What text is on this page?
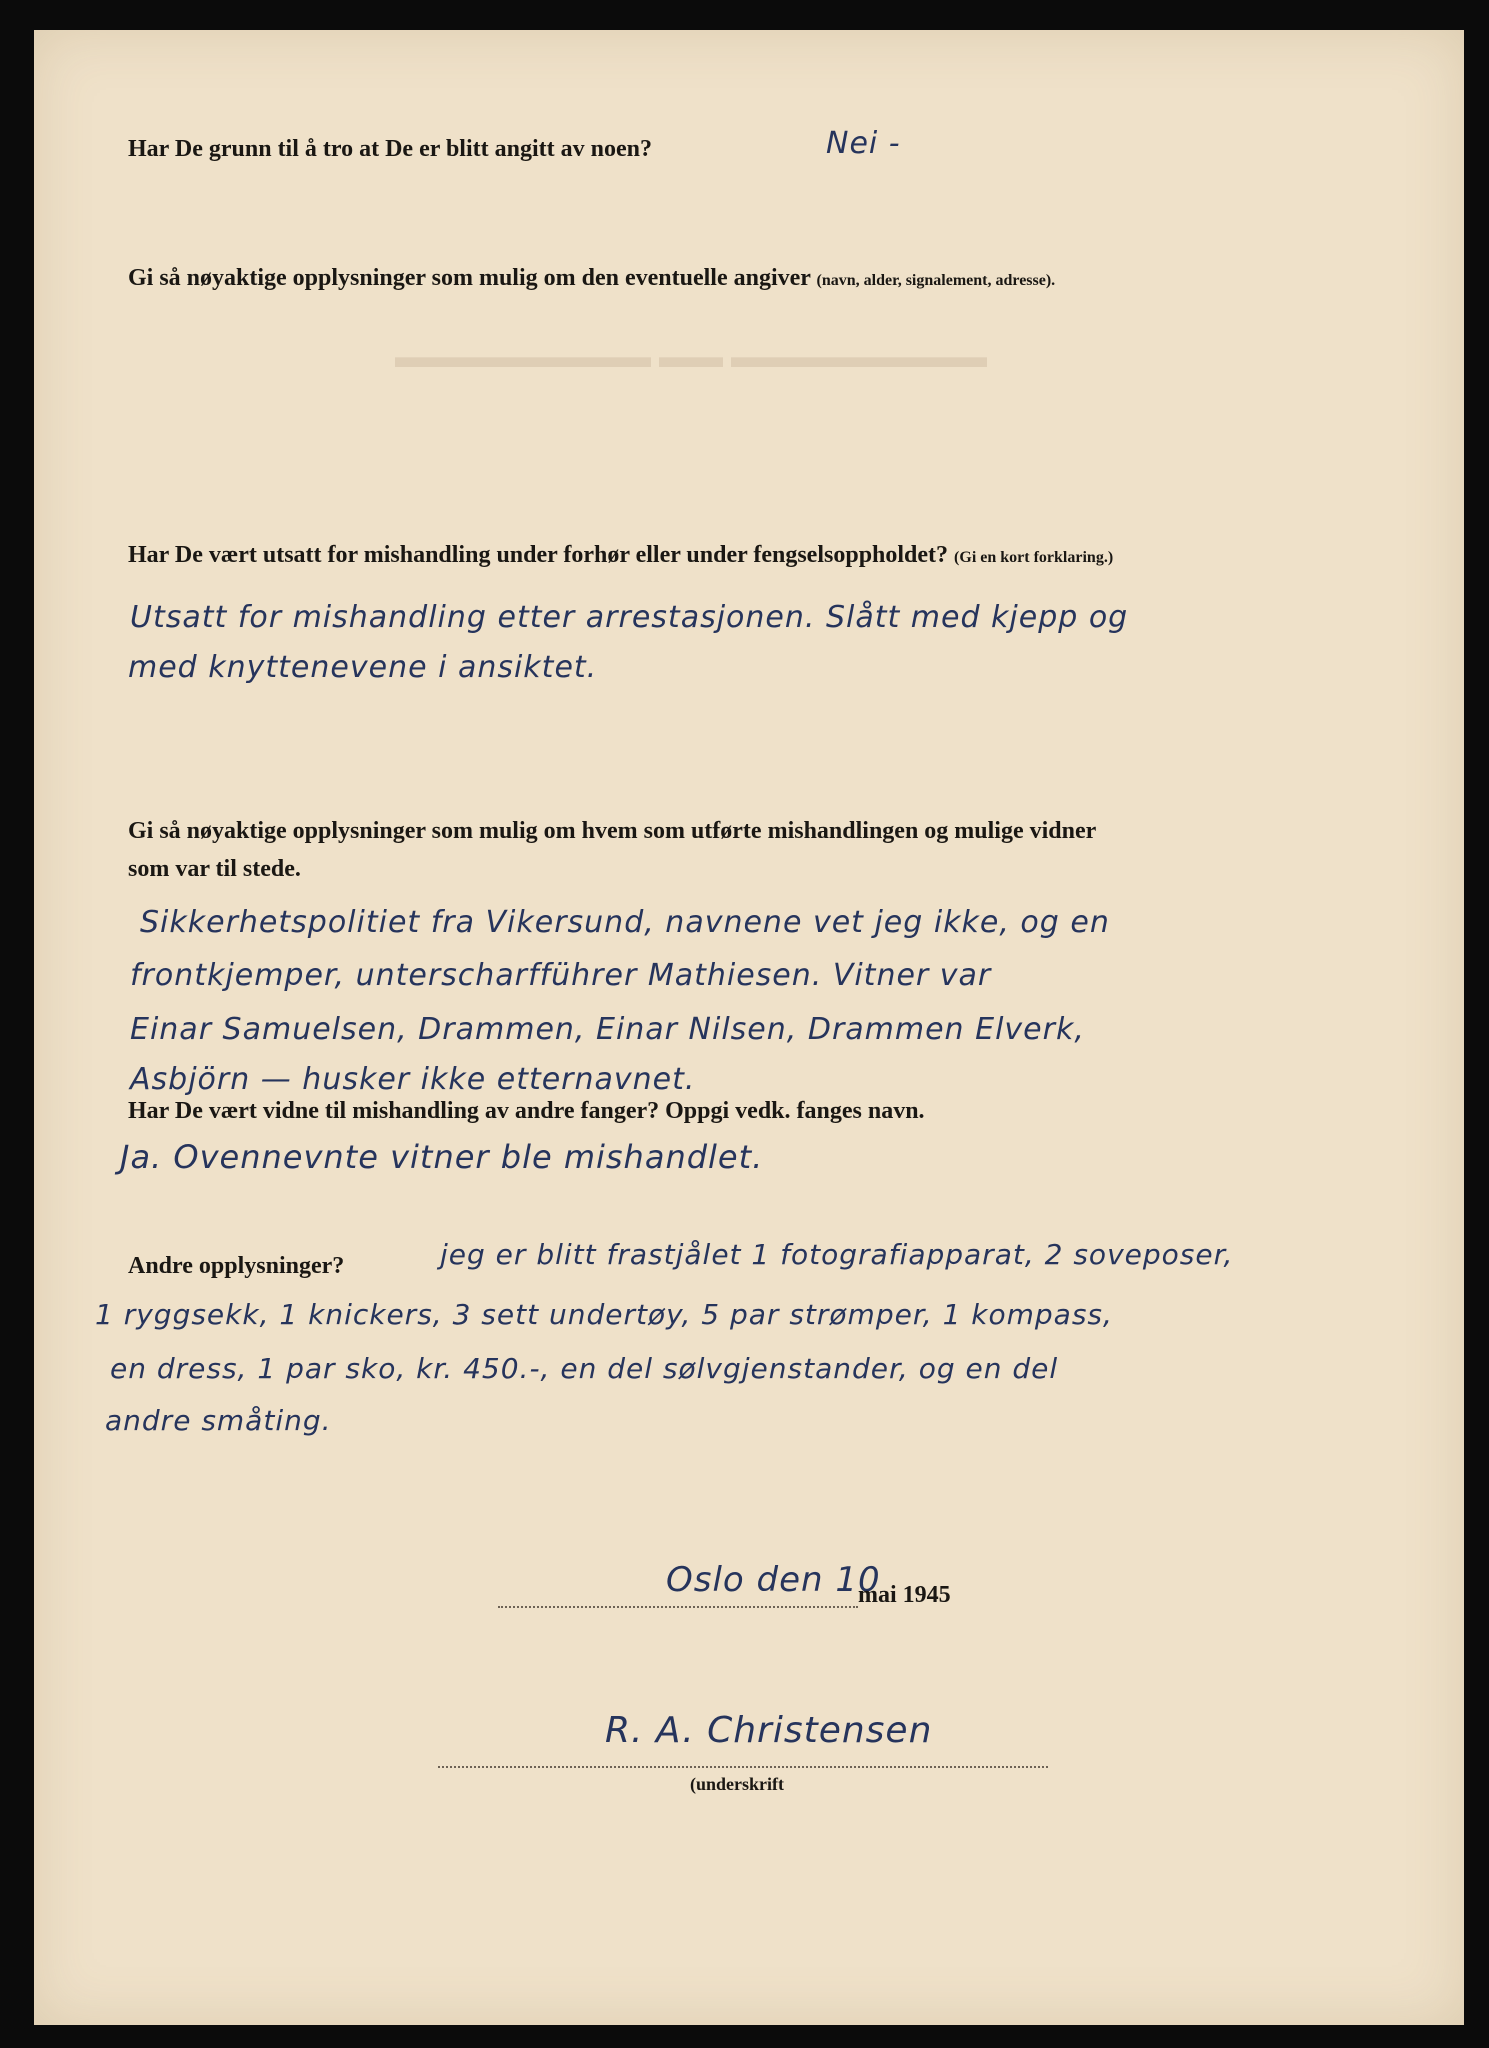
▬▬▬▬▬▬▬▬ ▬▬ ▬▬▬▬▬▬▬▬
Har De grunn til å tro at De er blitt angitt av noen?	Nei -
Gi så nøyaktige opplysninger som mulig om den eventuelle angiver (navn, alder, signalement, adresse).
Har De vært utsatt for mishandling under forhør eller under fengselsoppholdet? (Gi en kort forklaring.)
Utsatt for mishandling etter arrestasjonen. Slått med kjepp og
med knyttenevene i ansiktet.
Gi så nøyaktige opplysninger som mulig om hvem som utførte mishandlingen og mulige vidner
som var til stede.
Sikkerhetspolitiet fra Vikersund, navnene vet jeg ikke, og en
frontkjemper, unterscharfführer Mathiesen. Vitner var
Einar Samuelsen, Drammen, Einar Nilsen, Drammen Elverk,
Asbjörn — husker ikke etternavnet.
Har De vært vidne til mishandling av andre fanger? Oppgi vedk. fanges navn.
Ja. Ovennevnte vitner ble mishandlet.
Andre opplysninger?	jeg er blitt frastjålet 1 fotografiapparat, 2 soveposer,
1 ryggsekk, 1 knickers, 3 sett undertøy, 5 par strømper, 1 kompass,
en dress, 1 par sko, kr. 450.-, en del sølvgjenstander, og en del
andre småting.
Oslo den 10
mai 1945
R. A. Christensen
(underskrift
